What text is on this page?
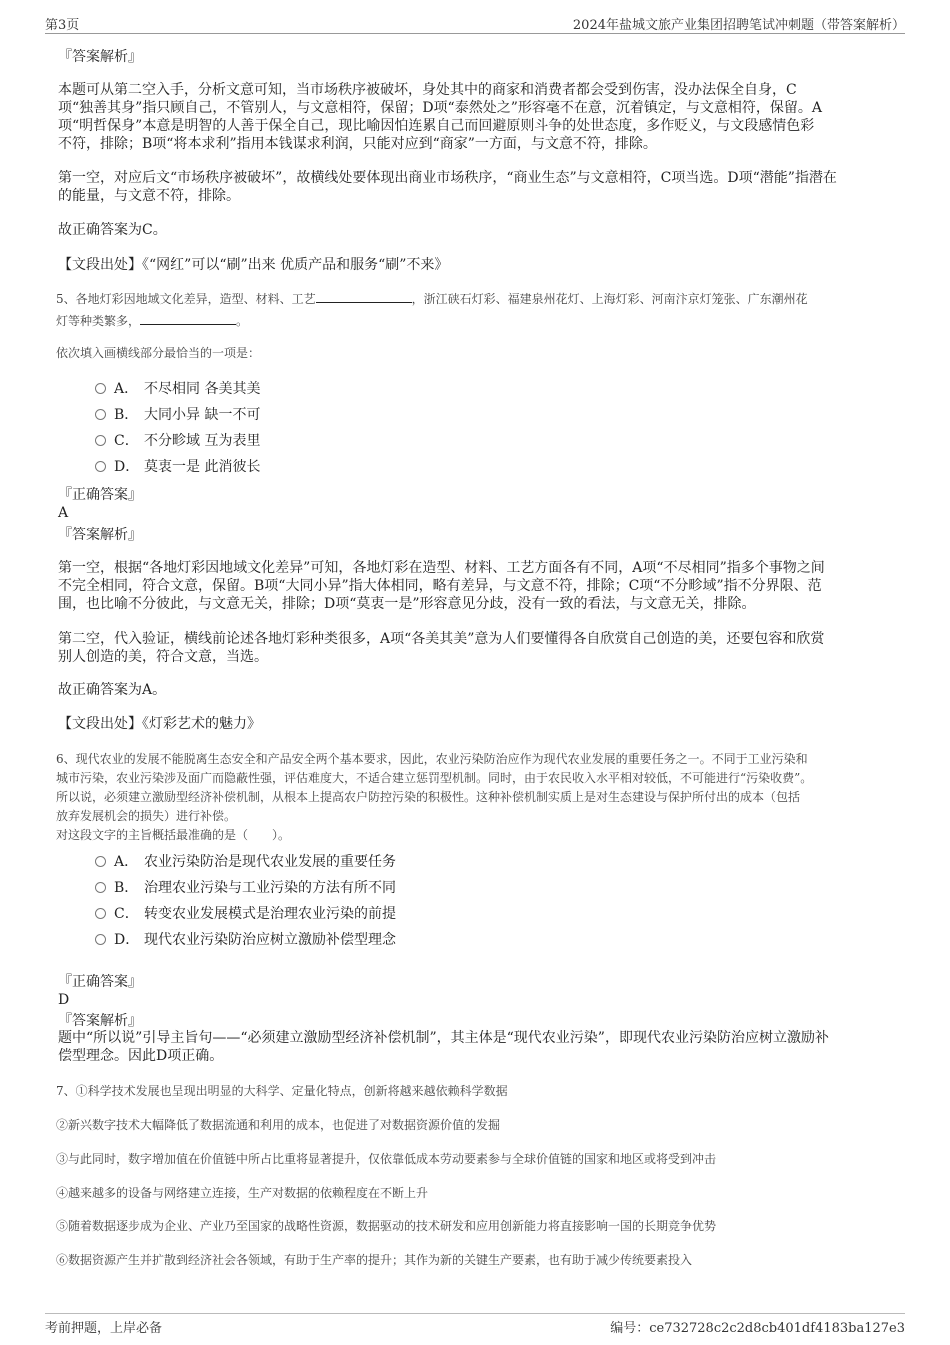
第3页	2024年盐城文旅产业集团招聘笔试冲刺题（带答案解析）
『答案解析』
本题可从第二空入手，分析文意可知，当市场秩序被破坏，身处其中的商家和消费者都会受到伤害，没办法保全自身，C
项“独善其身”指只顾自己，不管别人，与文意相符，保留；D项“泰然处之”形容毫不在意，沉着镇定，与文意相符，保留。A
项“明哲保身”本意是明智的人善于保全自己，现比喻因怕连累自己而回避原则斗争的处世态度，多作贬义，与文段感情色彩
不符，排除；B项“将本求利”指用本钱谋求利润，只能对应到“商家”一方面，与文意不符，排除。
第一空，对应后文“市场秩序被破坏”，故横线处要体现出商业市场秩序，“商业生态”与文意相符，C项当选。D项“潜能”指潜在
的能量，与文意不符，排除。
故正确答案为C。
【文段出处】《“网红”可以“刷”出来 优质产品和服务“刷”不来》
5、各地灯彩因地域文化差异，造型、材料、工艺	，浙江硖石灯彩、福建泉州花灯、上海灯彩、河南汴京灯笼张、广东潮州花
灯等种类繁多，	。
依次填入画横线部分最恰当的一项是：
A． 不尽相同 各美其美
B． 大同小异 缺一不可
C． 不分畛域 互为表里
D． 莫衷一是 此消彼长
『正确答案』
A
『答案解析』
第一空，根据“各地灯彩因地域文化差异”可知，各地灯彩在造型、材料、工艺方面各有不同，A项“不尽相同”指多个事物之间
不完全相同，符合文意，保留。B项“大同小异”指大体相同，略有差异，与文意不符，排除；C项“不分畛域”指不分界限、范
围，也比喻不分彼此，与文意无关，排除；D项“莫衷一是”形容意见分歧，没有一致的看法，与文意无关，排除。
第二空，代入验证，横线前论述各地灯彩种类很多，A项“各美其美”意为人们要懂得各自欣赏自己创造的美，还要包容和欣赏
别人创造的美，符合文意，当选。
故正确答案为A。
【文段出处】《灯彩艺术的魅力》
6、现代农业的发展不能脱离生态安全和产品安全两个基本要求，因此，农业污染防治应作为现代农业发展的重要任务之一。不同于工业污染和
城市污染，农业污染涉及面广而隐蔽性强，评估难度大，不适合建立惩罚型机制。同时，由于农民收入水平相对较低，不可能进行“污染收费”。
所以说，必须建立激励型经济补偿机制，从根本上提高农户防控污染的积极性。这种补偿机制实质上是对生态建设与保护所付出的成本（包括
放弃发展机会的损失）进行补偿。
对这段文字的主旨概括最准确的是（　　）。
A． 农业污染防治是现代农业发展的重要任务
B． 治理农业污染与工业污染的方法有所不同
C． 转变农业发展模式是治理农业污染的前提
D． 现代农业污染防治应树立激励补偿型理念
『正确答案』
D
『答案解析』
题中“所以说”引导主旨句——“必须建立激励型经济补偿机制”，其主体是“现代农业污染”，即现代农业污染防治应树立激励补
偿型理念。因此D项正确。
7、①科学技术发展也呈现出明显的大科学、定量化特点，创新将越来越依赖科学数据
②新兴数字技术大幅降低了数据流通和利用的成本，也促进了对数据资源价值的发掘
③与此同时，数字增加值在价值链中所占比重将显著提升，仅依靠低成本劳动要素参与全球价值链的国家和地区或将受到冲击
④越来越多的设备与网络建立连接，生产对数据的依赖程度在不断上升
⑤随着数据逐步成为企业、产业乃至国家的战略性资源，数据驱动的技术研发和应用创新能力将直接影响一国的长期竞争优势
⑥数据资源产生并扩散到经济社会各领域，有助于生产率的提升；其作为新的关键生产要素，也有助于减少传统要素投入
考前押题，上岸必备	编号：ce732728c2c2d8cb401df4183ba127e3
